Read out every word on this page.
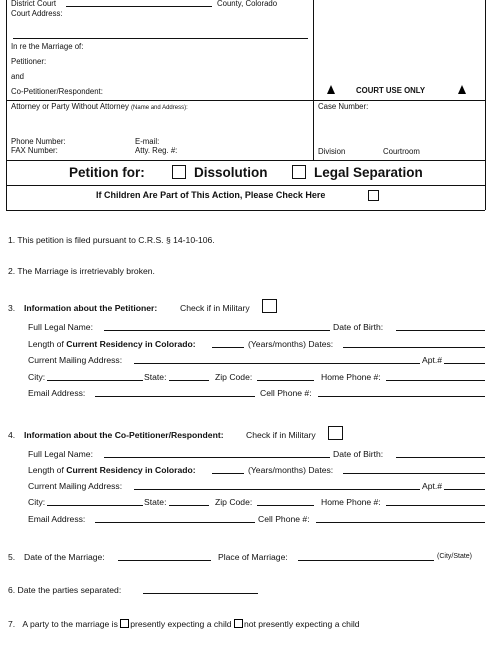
District Court	County, Colorado
Court Address:
In re the Marriage of:
Petitioner:
and
Co-Petitioner/Respondent:	COURT USE ONLY
Attorney or Party Without Attorney (Name and Address):	Case Number:
Phone Number:	E-mail:
FAX Number:	Atty. Reg. #:	Division	Courtroom
Petition for:	Dissolution	Legal Separation
If Children Are Part of This Action, Please Check Here
1. This petition is filed pursuant to C.R.S. § 14-10-106.
2. The Marriage is irretrievably broken.
3. Information about the Petitioner:	Check if in Military
Full Legal Name:	Date of Birth:
Length of Current Residency in Colorado:	(Years/months) Dates:
Current Mailing Address:	Apt.#
City:	State:	Zip Code:	Home Phone #:
Email Address:	Cell Phone #:
4. Information about the Co-Petitioner/Respondent:	Check if in Military
Full Legal Name:	Date of Birth:
Length of Current Residency in Colorado:	(Years/months) Dates:
Current Mailing Address:	Apt.#
City:	State:	Zip Code:	Home Phone #:
Email Address:	Cell Phone #:
5. Date of the Marriage:	Place of Marriage:	(City/State)
6. Date the parties separated:
7. A party to the marriage is presently expecting a child not presently expecting a child
